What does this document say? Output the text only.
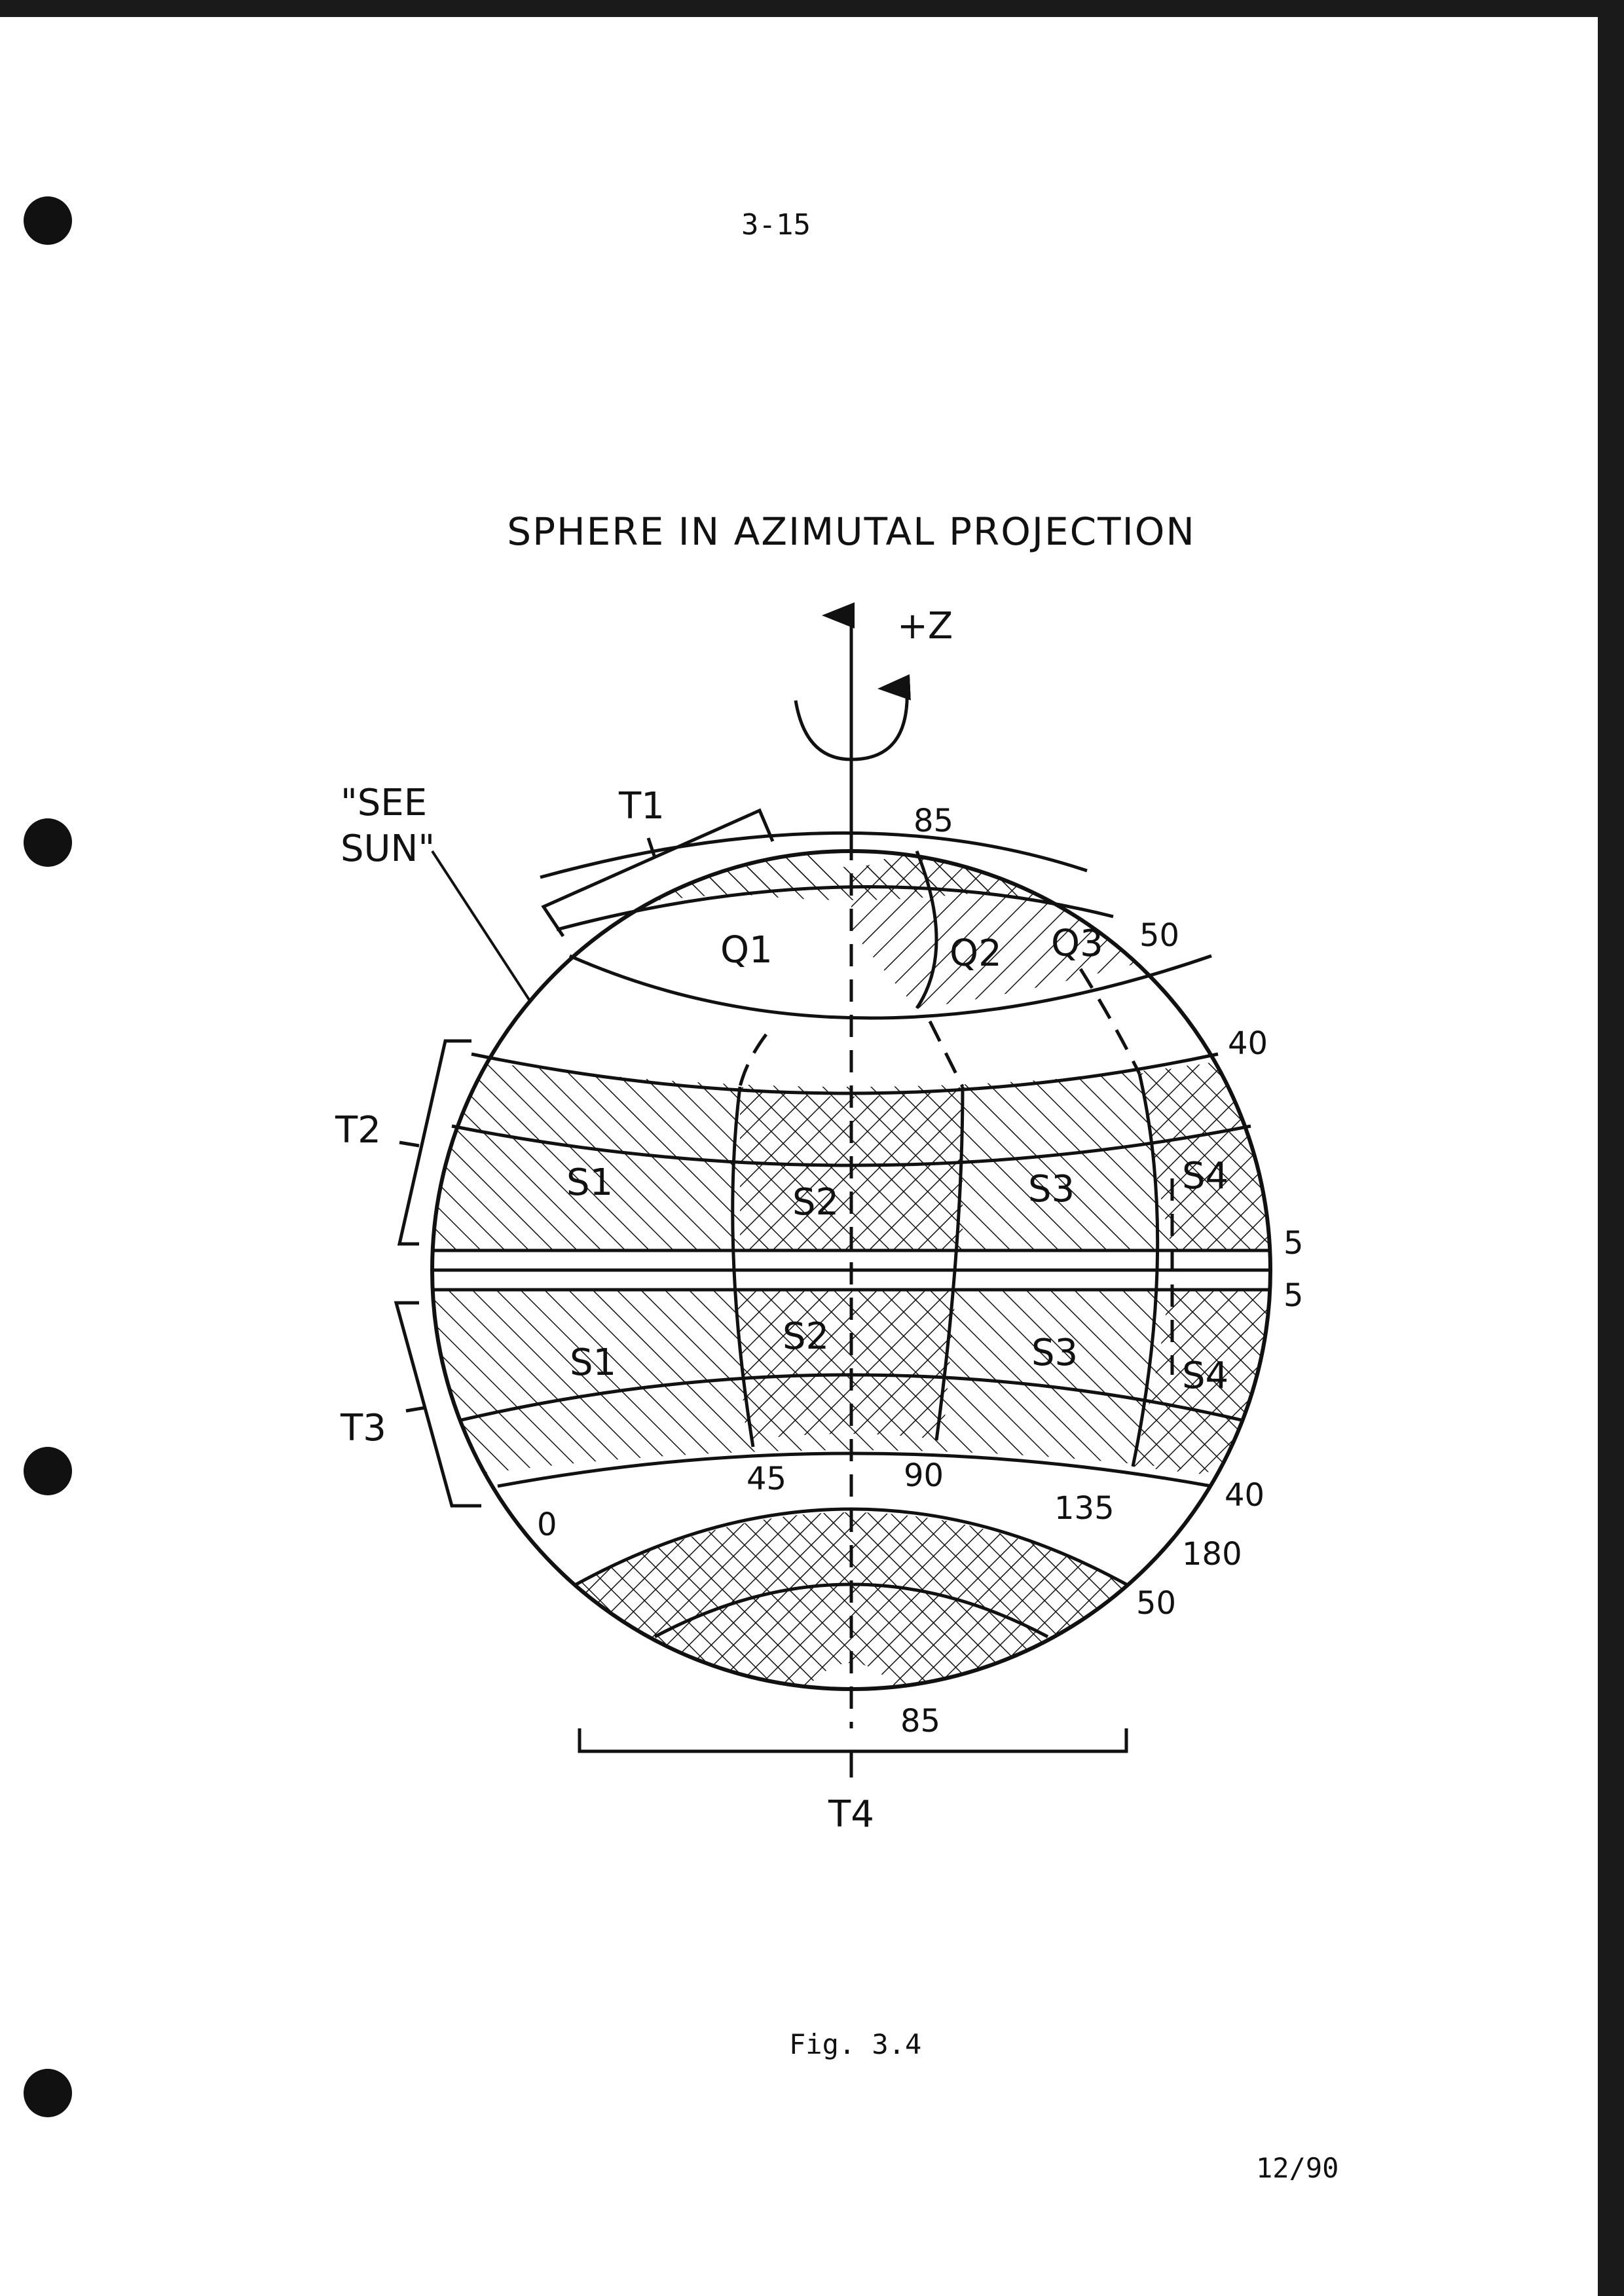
3-15
SPHERE IN AZIMUTAL PROJECTION
+Z
"SEE
SUN"
T1
T2
T3
T4
Q1	Q2 Q3
S1	S2	S3	S4
S1
S2	S3
S4
85
50
40
5
5
40
50
85
0
45	90
135
180
Fig. 3.4
12/90
